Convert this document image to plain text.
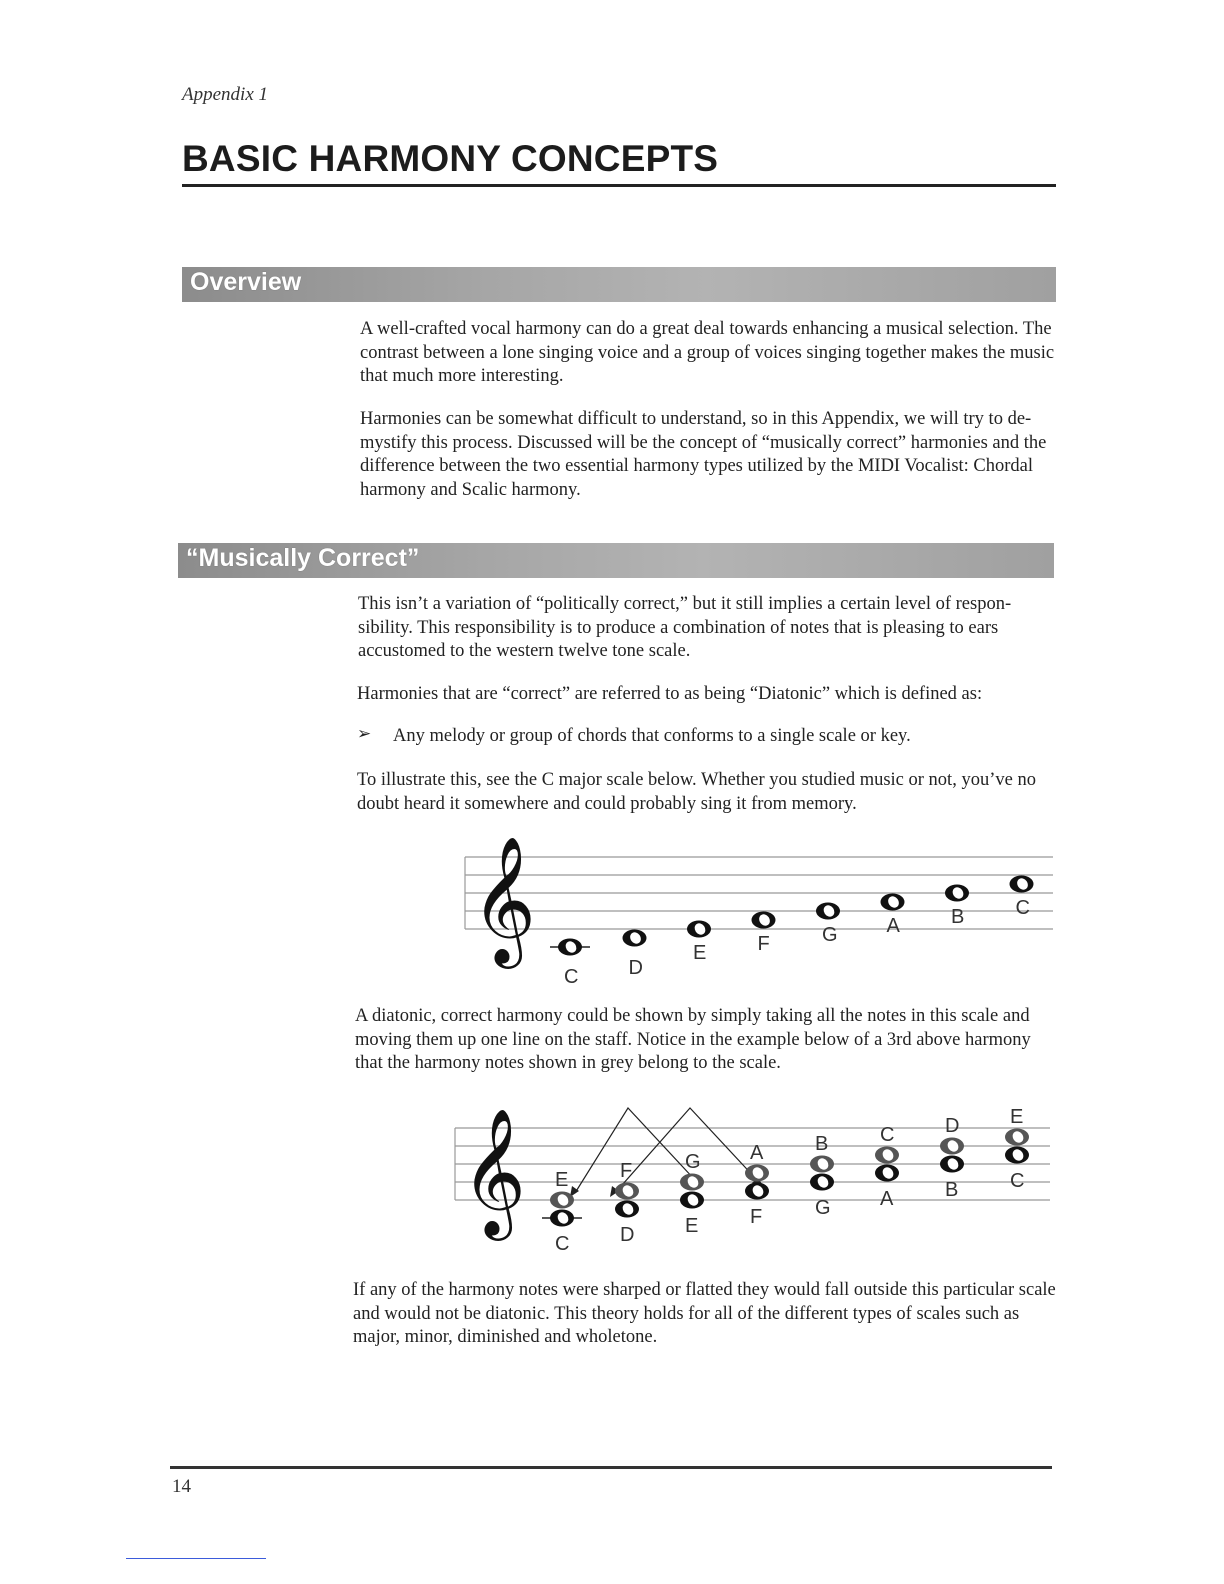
Appendix 1
BASIC HARMONY CONCEPTS
Overview

A well-crafted vocal harmony can do a great deal towards enhancing a musical selection. The contrast between a lone singing voice and a group of voices singing together makes the music that much more interesting.

Harmonies can be somewhat difficult to understand, so in this Appendix, we will try to de-mystify this process. Discussed will be the concept of “musically correct” harmonies and the difference between the two essential harmony types utilized by the MIDI Vocalist: Chordal harmony and Scalic harmony.

“Musically Correct”

This isn’t a variation of “politically correct,” but it still implies a certain level of respon-sibility. This responsibility is to produce a combination of notes that is pleasing to ears accustomed to the western twelve tone scale.

Harmonies that are “correct” are referred to as being “Diatonic” which is defined as:

➢ Any melody or group of chords that conforms to a single scale or key.

To illustrate this, see the C major scale below. Whether you studied music or not, you’ve no doubt heard it somewhere and could probably sing it from memory.

𝄞
C	D
E	F	G A	B	C

A diatonic, correct harmony could be shown by simply taking all the notes in this scale and moving them up one line on the staff. Notice in the example below of a 3rd above harmony that the harmony notes shown in grey belong to the scale.

𝄞
C
E
D
F
E
G
F
A
G
B
A
C
B
D
C
E

If any of the harmony notes were sharped or flatted they would fall outside this particular scale and would not be diatonic. This theory holds for all of the different types of scales such as major, minor, diminished and wholetone.

14
